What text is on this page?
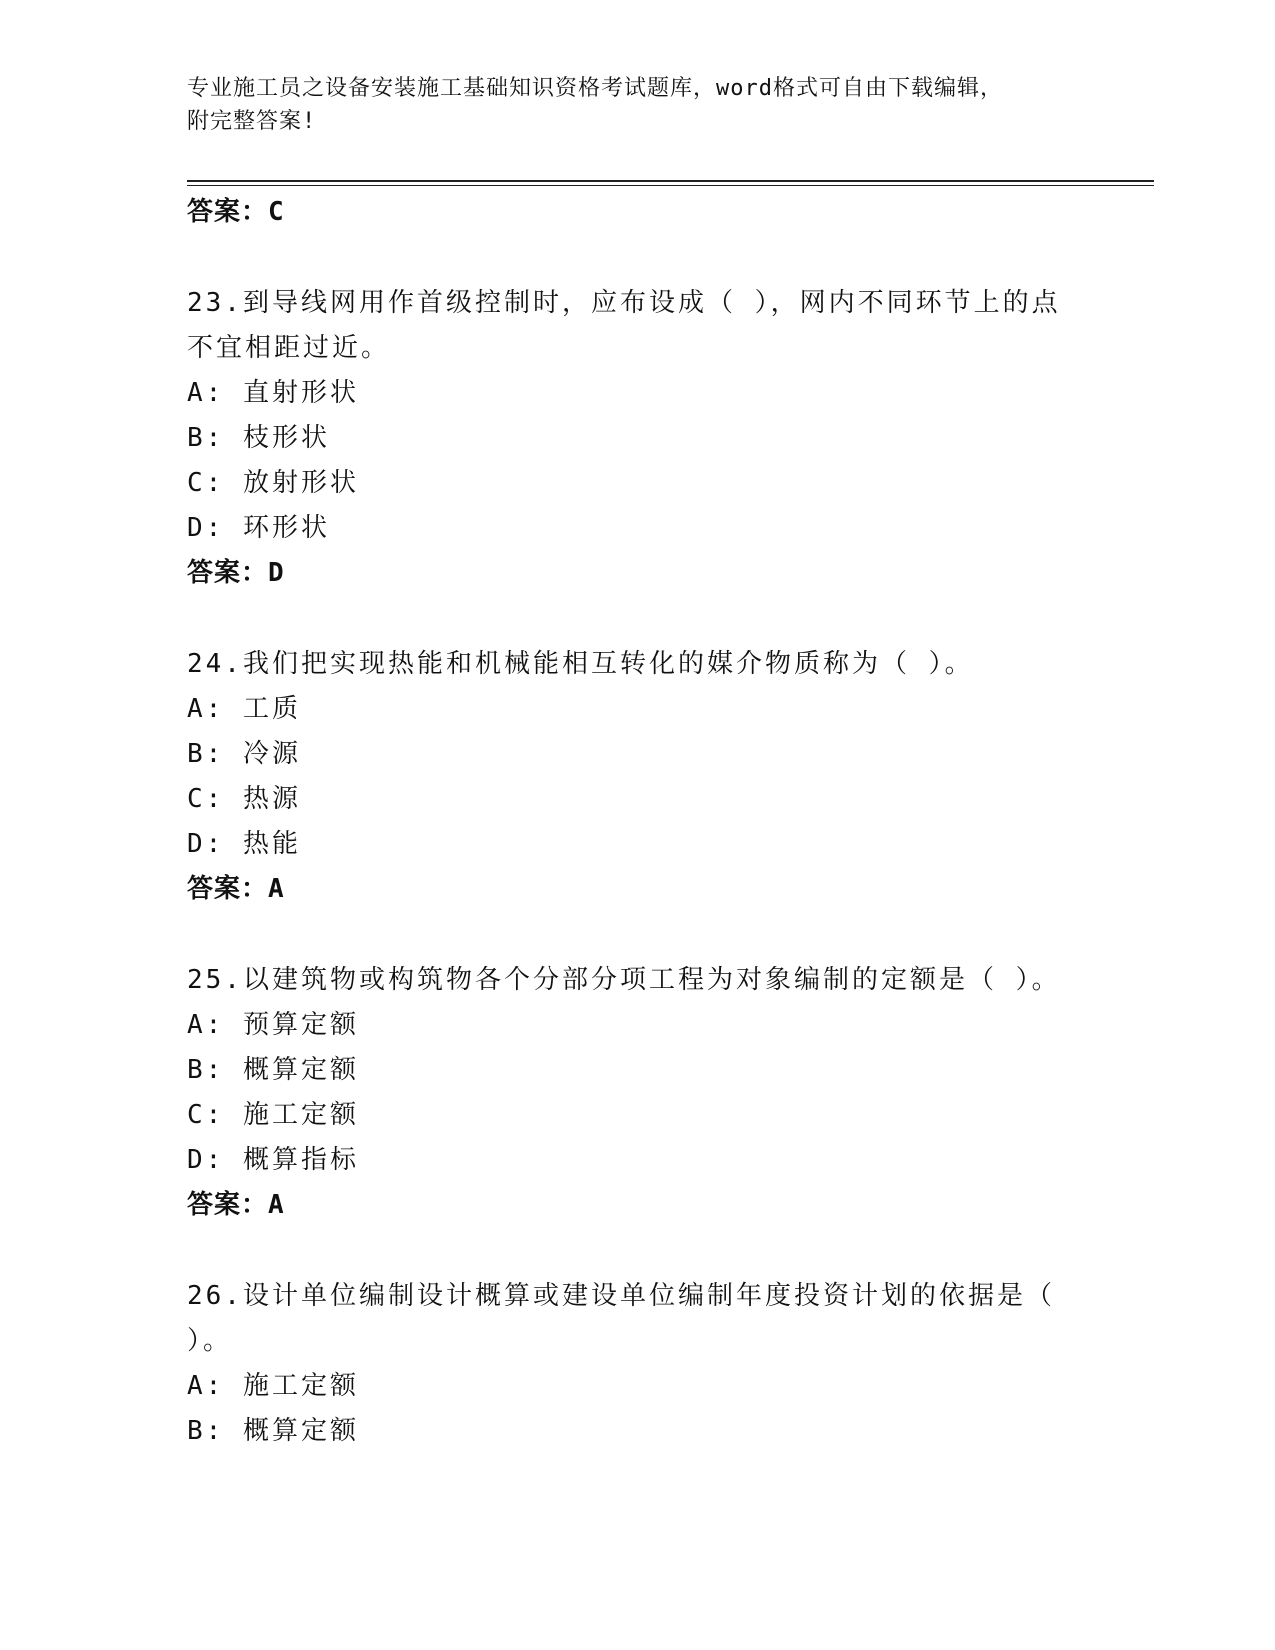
专业施工员之设备安装施工基础知识资格考试题库，word格式可自由下载编辑，
附完整答案!
答案：C
23.到导线网用作首级控制时，应布设成（ ），网内不同环节上的点
不宜相距过近。
A: 直射形状
B: 枝形状
C: 放射形状
D: 环形状
答案：D
24.我们把实现热能和机械能相互转化的媒介物质称为（ ）。
A: 工质
B: 冷源
C: 热源
D: 热能
答案：A
25.以建筑物或构筑物各个分部分项工程为对象编制的定额是（ ）。
A: 预算定额
B: 概算定额
C: 施工定额
D: 概算指标
答案：A
26.设计单位编制设计概算或建设单位编制年度投资计划的依据是（
）。
A: 施工定额
B: 概算定额
